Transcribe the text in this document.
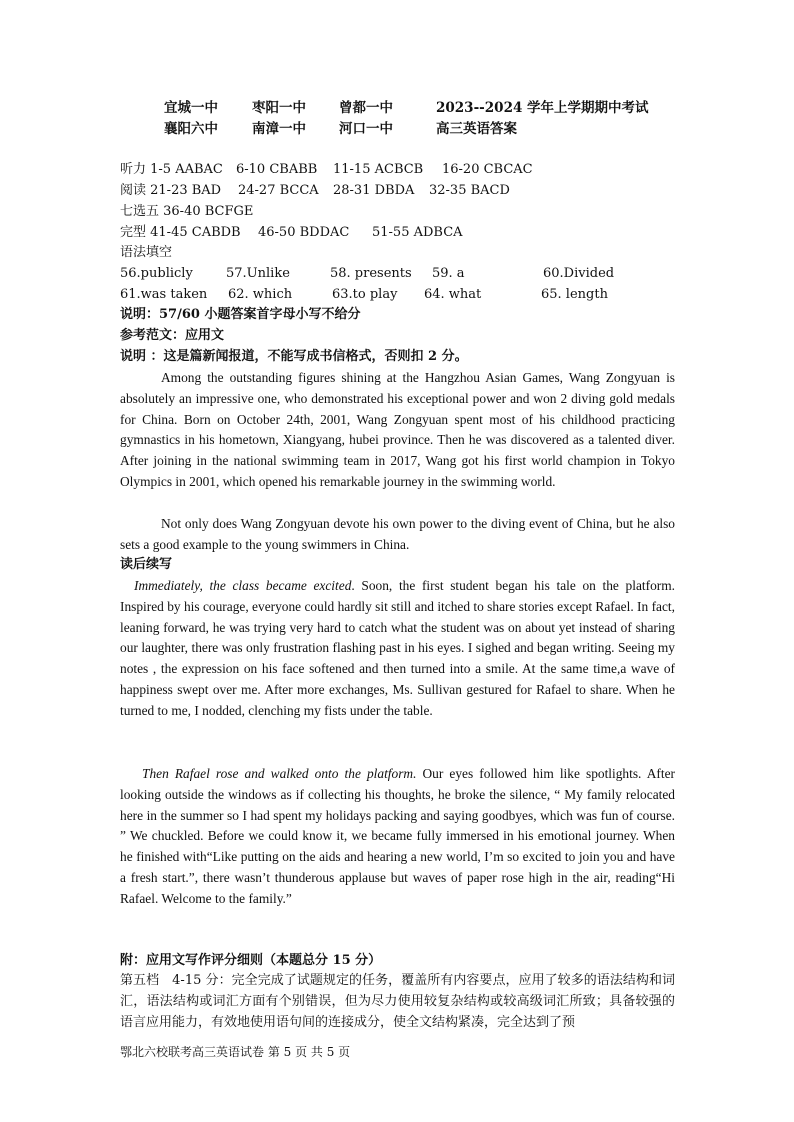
宜城一中	枣阳一中 曾都一中	2023--2024 学年上学期期中考试
襄阳六中	南漳一中 河口一中	高三英语答案
听力 1-5 AABAC 6-10 CBABB 11-15 ACBCB 16-20 CBCAC
阅读 21-23 BAD 24-27 BCCA 28-31 DBDA 32-35 BACD
七选五 36-40 BCFGE
完型 41-45 CABDB 46-50 BDDAC 51-55 ADBCA
语法填空
56.publicly	57.Unlike	58. presents 59. a	60.Divided
61.was taken 62. which	63.to play 64. what	65. length
说明：57/60 小题答案首字母小写不给分
参考范文：应用文
说明 ：这是篇新闻报道，不能写成书信格式，否则扣 2 分。

Among the outstanding figures shining at the Hangzhou Asian Games, Wang Zongyuan is absolutely an impressive one, who demonstrated his exceptional power and won 2 diving gold medals for China. Born on October 24th, 2001, Wang Zongyuan spent most of his childhood practicing gymnastics in his hometown, Xiangyang, hubei province. Then he was discovered as a talented diver. After joining in the national swimming team in 2017, Wang got his first world champion in Tokyo Olympics in 2001, which opened his remarkable journey in the swimming world.

Not only does Wang Zongyuan devote his own power to the diving event of China, but he also sets a good example to the young swimmers in China.

读后续写

Immediately, the class became excited. Soon, the first student began his tale on the platform. Inspired by his courage, everyone could hardly sit still and itched to share stories except Rafael. In fact, leaning forward, he was trying very hard to catch what the student was on about yet instead of sharing our laughter, there was only frustration flashing past in his eyes. I sighed and began writing. Seeing my notes , the expression on his face softened and then turned into a smile. At the same time,a wave of happiness swept over me. After more exchanges, Ms. Sullivan gestured for Rafael to share. When he turned to me, I nodded, clenching my fists under the table.

Then Rafael rose and walked onto the platform. Our eyes followed him like spotlights. After looking outside the windows as if collecting his thoughts, he broke the silence, “ My family relocated here in the summer so I had spent my holidays packing and saying goodbyes, which was fun of course. ” We chuckled. Before we could know it, we became fully immersed in his emotional journey. When he finished with“Like putting on the aids and hearing a new world, I’m so excited to join you and have a fresh start.”, there wasn’t thunderous applause but waves of paper rose high in the air, reading“Hi Rafael. Welcome to the family.”

附：应用文写作评分细则（本题总分 15 分）

第五档　4-15 分：完全完成了试题规定的任务，覆盖所有内容要点，应用了较多的语法结构和词汇，语法结构或词汇方面有个别错误，但为尽力使用较复杂结构或较高级词汇所致；具备较强的语言应用能力，有效地使用语句间的连接成分，使全文结构紧凑，完全达到了预

鄂北六校联考高三英语试卷 第 5 页 共 5 页
